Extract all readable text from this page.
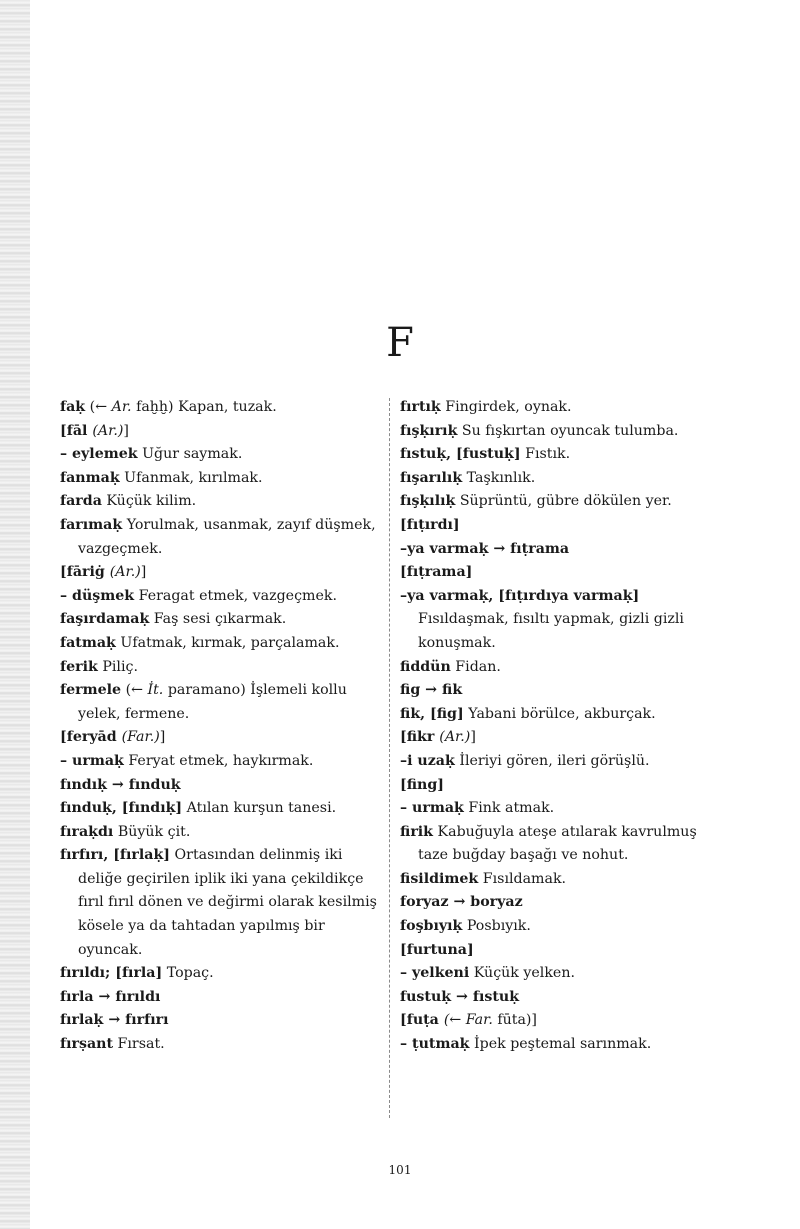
F
faḳ (← Ar. faḫḫ) Kapan, tuzak.
[fāl (Ar.)]
– eylemek Uğur saymak.
fanmaḳ Ufanmak, kırılmak.
farda Küçük kilim.
farımaḳ Yorulmak, usanmak, zayıf düşmek, vazgeçmek.
[fāriġ (Ar.)]
– düşmek Feragat etmek, vazgeçmek.
faşırdamaḳ Faş sesi çıkarmak.
fatmaḳ Ufatmak, kırmak, parçalamak.
ferik Piliç.
fermele (← İt. paramano) İşlemeli kollu yelek, fermene.
[feryād (Far.)]
– urmaḳ Feryat etmek, haykırmak.
fındıḳ → fınduḳ
fınduḳ, [fındıḳ] Atılan kurşun tanesi.
fıraḳdı Büyük çit.
fırfırı, [fırlaḳ] Ortasından delinmiş iki deliğe geçirilen iplik iki yana çekildikçe fırıl fırıl dönen ve değirmi olarak kesilmiş kösele ya da tahtadan yapılmış bir oyuncak.
fırıldı; [fırla] Topaç.
fırla → fırıldı
fırlaḳ → fırfırı
fırṣant Fırsat.
fırtıḳ Fingirdek, oynak.
fışḳırıḳ Su fışkırtan oyuncak tulumba.
fıstuḳ, [fustuḳ] Fıstık.
fışarılıḳ Taşkınlık.
fışḳılıḳ Süprüntü, gübre dökülen yer.
[fıṭırdı]
–ya varmaḳ → fıṭrama
[fıṭrama]
–ya varmaḳ, [fıṭırdıya varmaḳ] Fısıldaşmak, fısıltı yapmak, gizli gizli konuşmak.
fiddün Fidan.
fig → fik
fik, [fig] Yabani börülce, akburçak.
[fikr (Ar.)]
–i uzaḳ İleriyi gören, ileri görüşlü.
[fing]
– urmaḳ Fink atmak.
firik Kabuğuyla ateşe atılarak kavrulmuş taze buğday başağı ve nohut.
fisildimek Fısıldamak.
foryaz → boryaz
foşbıyıḳ Posbıyık.
[furtuna]
– yelkeni Küçük yelken.
fustuḳ → fıstuḳ
[fuṭa (← Far. fūta)]
– ṭutmaḳ İpek peştemal sarınmak.
101
